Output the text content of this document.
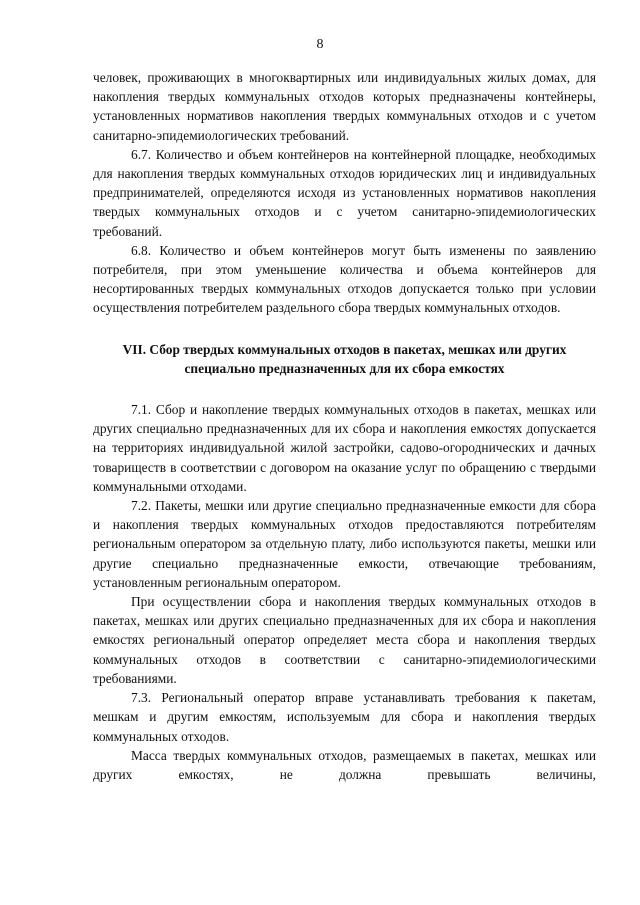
8

человек, проживающих в многоквартирных или индивидуальных жилых домах, для накопления твердых коммунальных отходов которых предназначены контейнеры, установленных нормативов накопления твердых коммунальных отходов и с учетом санитарно-эпидемиологических требований.

6.7. Количество и объем контейнеров на контейнерной площадке, необходимых для накопления твердых коммунальных отходов юридических лиц и индивидуальных предпринимателей, определяются исходя из установленных нормативов накопления твердых коммунальных отходов и с учетом санитарно-эпидемиологических требований.

6.8. Количество и объем контейнеров могут быть изменены по заявлению потребителя, при этом уменьшение количества и объема контейнеров для несортированных твердых коммунальных отходов допускается только при условии осуществления потребителем раздельного сбора твердых коммунальных отходов.

VII. Сбор твердых коммунальных отходов в пакетах, мешках или других
специально предназначенных для их сбора емкостях

7.1. Сбор и накопление твердых коммунальных отходов в пакетах, мешках или других специально предназначенных для их сбора и накопления емкостях допускается на территориях индивидуальной жилой застройки, садово-огороднических и дачных товариществ в соответствии с договором на оказание услуг по обращению с твердыми коммунальными отходами.

7.2. Пакеты, мешки или другие специально предназначенные емкости для сбора и накопления твердых коммунальных отходов предоставляются потребителям региональным оператором за отдельную плату, либо используются пакеты, мешки или другие специально предназначенные емкости, отвечающие требованиям, установленным региональным оператором.

При осуществлении сбора и накопления твердых коммунальных отходов в пакетах, мешках или других специально предназначенных для их сбора и накопления емкостях региональный оператор определяет места сбора и накопления твердых коммунальных отходов в соответствии с санитарно-эпидемиологическими требованиями.

7.3. Региональный оператор вправе устанавливать требования к пакетам, мешкам и другим емкостям, используемым для сбора и накопления твердых коммунальных отходов.

Масса твердых коммунальных отходов, размещаемых в пакетах, мешках или других емкостях, не должна превышать величины,
